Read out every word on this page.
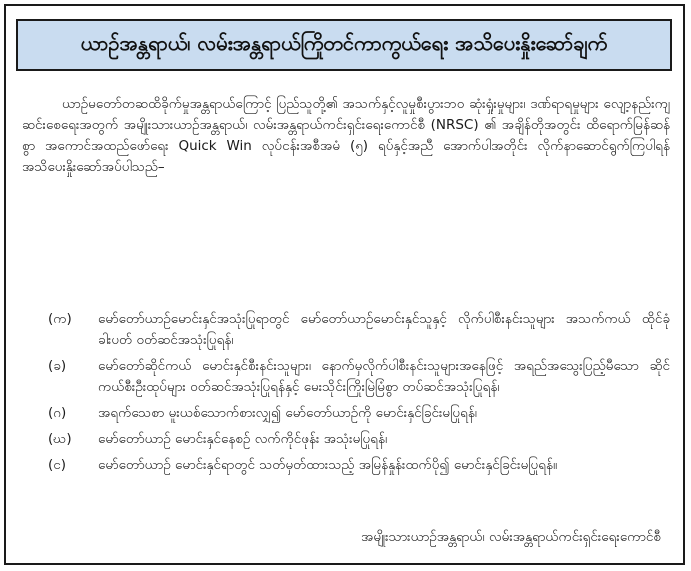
ယာဉ်အန္တရာယ်၊ လမ်းအန္တရာယ်ကြိုတင်ကာကွယ်ရေး အသိပေးနှိုးဆော်ချက်

ယာဉ်မတော်တဆထိခိုက်မှုအန္တရာယ်ကြောင့် ပြည်သူတို့၏ အသက်နှင့်လူမှုစီးပွားဘဝ ဆုံးရှုံးမှုများ၊ ဒဏ်ရာရမှုများ လျော့နည်းကျဆင်းစေရေးအတွက် အမျိုးသားယာဉ်အန္တရာယ်၊ လမ်းအန္တရာယ်ကင်းရှင်းရေးကောင်စီ (NRSC) ၏ အချိန်တိုအတွင်း ထိရောက်မြန်ဆန်စွာ အကောင်အထည်ဖော်ရေး Quick Win လုပ်ငန်းအစီအမံ (၅) ရပ်နှင့်အညီ အောက်ပါအတိုင်း လိုက်နာဆောင်ရွက်ကြပါရန် အသိပေးနှိုးဆော်အပ်ပါသည်–

(က)	မော်တော်ယာဉ်မောင်းနှင်အသုံးပြုရာတွင် မော်တော်ယာဉ်မောင်းနှင်သူနှင့် လိုက်ပါစီးနင်းသူများ အသက်ကယ် ထိုင်ခုံခါးပတ် ဝတ်ဆင်အသုံးပြုရန်၊
(ခ)	မော်တော်ဆိုင်ကယ် မောင်းနှင်စီးနင်းသူများ၊ နောက်မှလိုက်ပါစီးနင်းသူများအနေဖြင့် အရည်အသွေးပြည့်မီသော ဆိုင်ကယ်စီးဦးထုပ်များ ဝတ်ဆင်အသုံးပြုရန်နှင့် မေးသိုင်းကြိုးမြဲမြံစွာ တပ်ဆင်အသုံးပြုရန်၊
(ဂ)	အရက်သေစာ မူးယစ်သောက်စားလျှ၍ မော်တော်ယာဉ်ကို မောင်းနှင်ခြင်းမပြုရန်၊
(ဃ)	မော်တော်ယာဉ် မောင်းနှင်နေစဉ် လက်ကိုင်ဖုန်း အသုံးမပြုရန်၊
(င)	မော်တော်ယာဉ် မောင်းနှင်ရာတွင် သတ်မှတ်ထားသည့် အမြန်နှုန်းထက်ပို၍ မောင်းနှင်ခြင်းမပြုရန်။
အမျိုးသားယာဉ်အန္တရာယ်၊ လမ်းအန္တရာယ်ကင်းရှင်းရေးကောင်စီ
